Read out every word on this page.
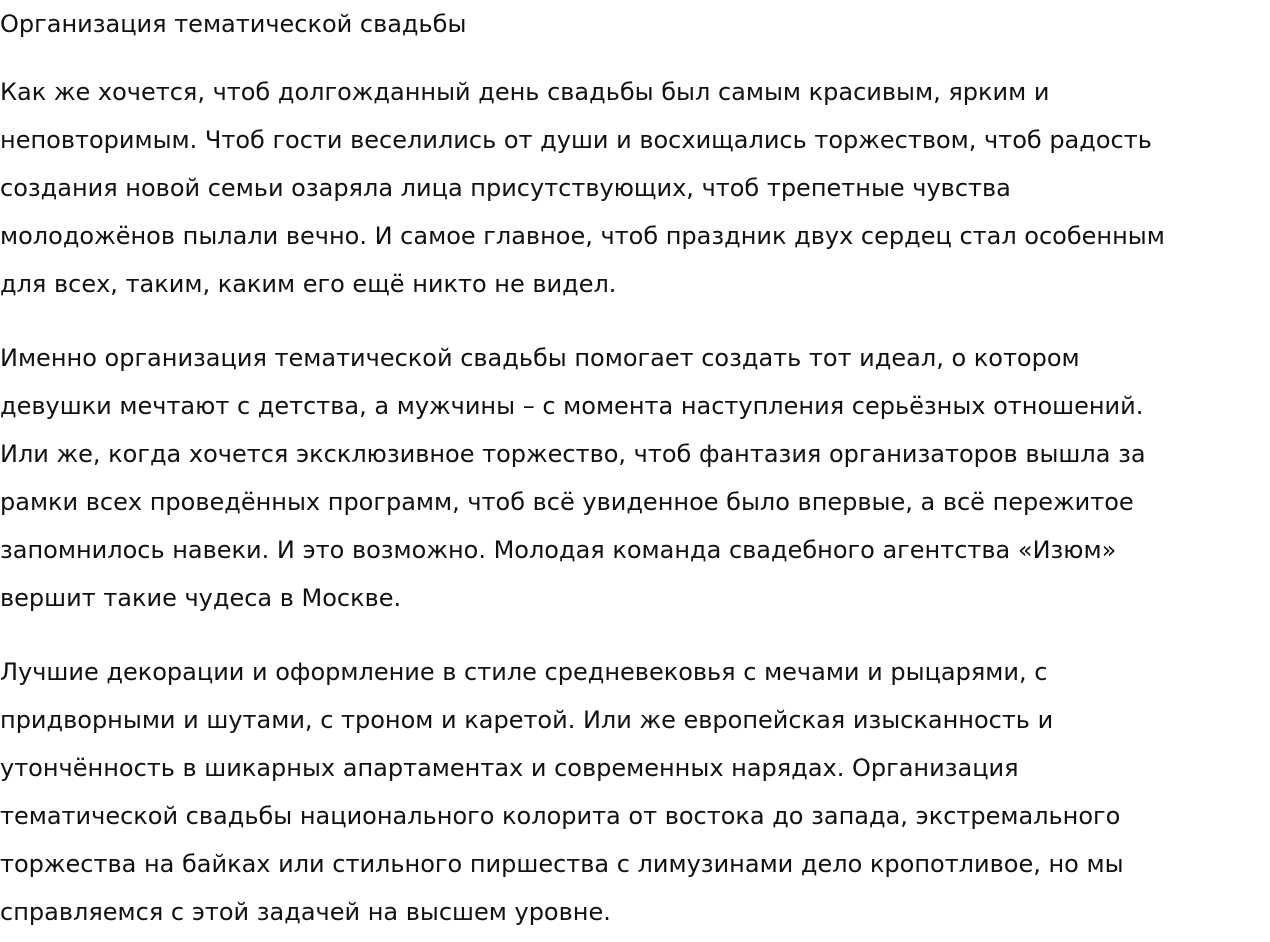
Организация тематической свадьбы

Как же хочется, чтоб долгожданный день свадьбы был самым красивым, ярким и
неповторимым. Чтоб гости веселились от души и восхищались торжеством, чтоб радость
создания новой семьи озаряла лица присутствующих, чтоб трепетные чувства
молодожёнов пылали вечно. И самое главное, чтоб праздник двух сердец стал особенным
для всех, таким, каким его ещё никто не видел.

Именно организация тематической свадьбы помогает создать тот идеал, о котором
девушки мечтают с детства, а мужчины – с момента наступления серьёзных отношений.
Или же, когда хочется эксклюзивное торжество, чтоб фантазия организаторов вышла за
рамки всех проведённых программ, чтоб всё увиденное было впервые, а всё пережитое
запомнилось навеки. И это возможно. Молодая команда свадебного агентства «Изюм»
вершит такие чудеса в Москве.

Лучшие декорации и оформление в стиле средневековья с мечами и рыцарями, с
придворными и шутами, с троном и каретой. Или же европейская изысканность и
утончённость в шикарных апартаментах и современных нарядах. Организация
тематической свадьбы национального колорита от востока до запада, экстремального
торжества на байках или стильного пиршества с лимузинами дело кропотливое, но мы
справляемся с этой задачей на высшем уровне.
